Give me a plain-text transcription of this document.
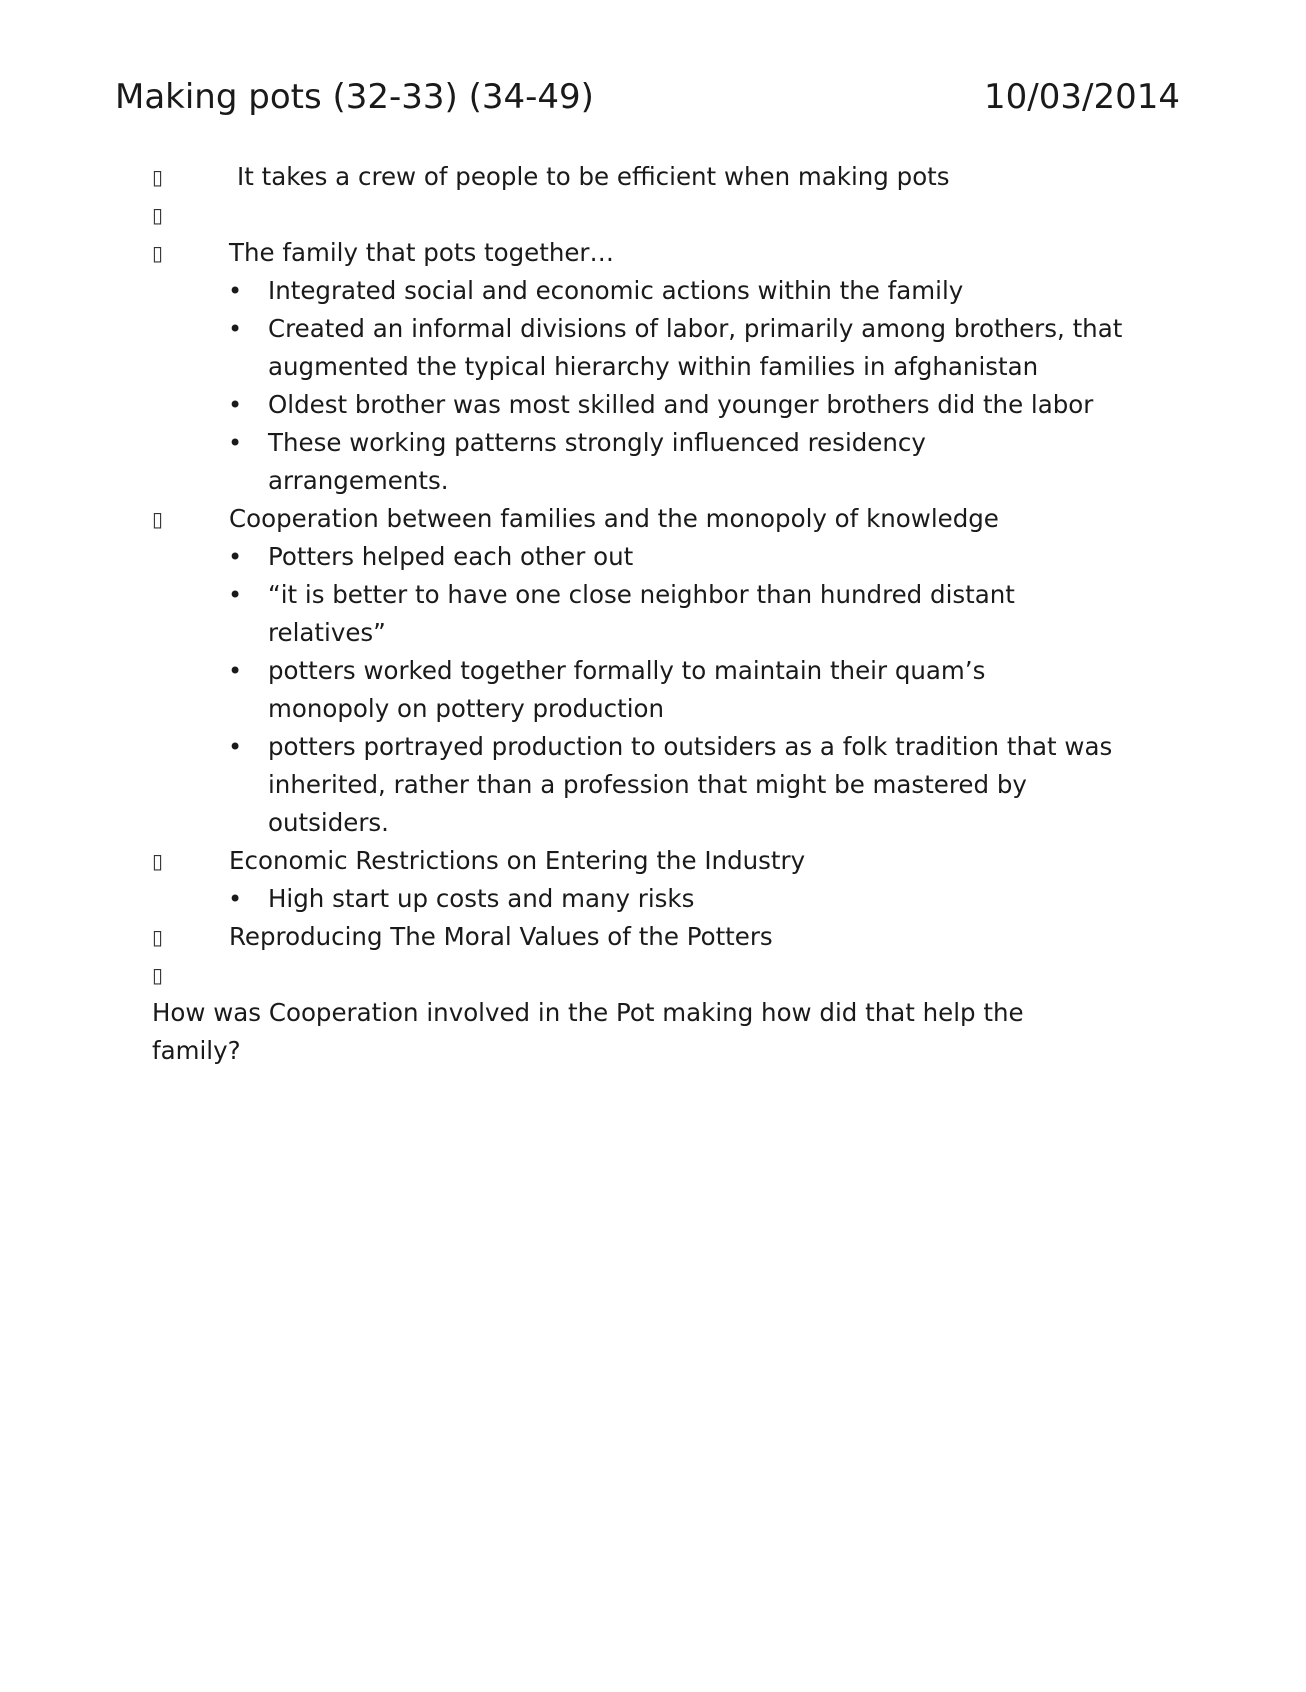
Making pots (32-33) (34-49)	10/03/2014
▯	It takes a crew of people to be efficient when making pots
▯
▯	The family that pots together…
• Integrated social and economic actions within the family
• Created an informal divisions of labor, primarily among brothers, that augmented the typical hierarchy within families in afghanistan
• Oldest brother was most skilled and younger brothers did the labor
• These working patterns strongly influenced residency arrangements.
▯	Cooperation between families and the monopoly of knowledge
• Potters helped each other out
• “it is better to have one close neighbor than hundred distant relatives”
• potters worked together formally to maintain their quam’s monopoly on pottery production
• potters portrayed production to outsiders as a folk tradition that was inherited, rather than a profession that might be mastered by outsiders.
▯	Economic Restrictions on Entering the Industry
• High start up costs and many risks
▯	Reproducing The Moral Values of the Potters
▯
How was Cooperation involved in the Pot making how did that help the family?
